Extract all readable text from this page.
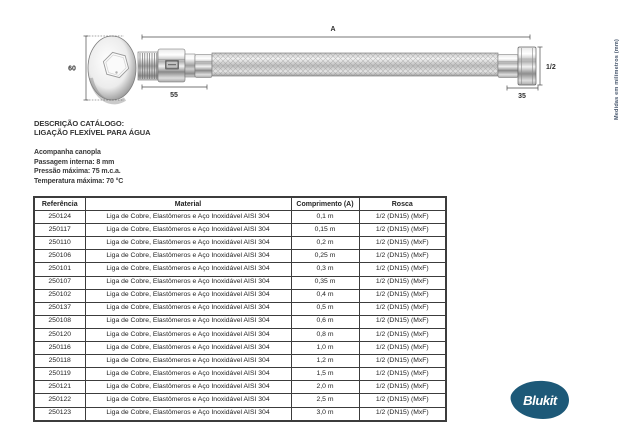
A
60
55	35
1/2	Medidas em milímetros (mm)
DESCRIÇÃO CATÁLOGO:
LIGAÇÃO FLEXÍVEL PARA ÁGUA
Acompanha canopla
Passagem interna: 8 mm
Pressão máxima: 75 m.c.a.
Temperatura máxima: 70 °C
Referência	Material	Comprimento (A)	Rosca
250124	Liga de Cobre, Elastômeros e Aço Inoxidável AISI 304	0,1 m	1/2 (DN15) (MxF)
250117	Liga de Cobre, Elastômeros e Aço Inoxidável AISI 304	0,15 m	1/2 (DN15) (MxF)
250110	Liga de Cobre, Elastômeros e Aço Inoxidável AISI 304	0,2 m	1/2 (DN15) (MxF)
250106	Liga de Cobre, Elastômeros e Aço Inoxidável AISI 304	0,25 m	1/2 (DN15) (MxF)
250101	Liga de Cobre, Elastômeros e Aço Inoxidável AISI 304	0,3 m	1/2 (DN15) (MxF)
250107	Liga de Cobre, Elastômeros e Aço Inoxidável AISI 304	0,35 m	1/2 (DN15) (MxF)
250102	Liga de Cobre, Elastômeros e Aço Inoxidável AISI 304	0,4 m	1/2 (DN15) (MxF)
250137	Liga de Cobre, Elastômeros e Aço Inoxidável AISI 304	0,5 m	1/2 (DN15) (MxF)
250108	Liga de Cobre, Elastômeros e Aço Inoxidável AISI 304	0,6 m	1/2 (DN15) (MxF)
250120	Liga de Cobre, Elastômeros e Aço Inoxidável AISI 304	0,8 m	1/2 (DN15) (MxF)
250116	Liga de Cobre, Elastômeros e Aço Inoxidável AISI 304	1,0 m	1/2 (DN15) (MxF)
250118	Liga de Cobre, Elastômeros e Aço Inoxidável AISI 304	1,2 m	1/2 (DN15) (MxF)
250119	Liga de Cobre, Elastômeros e Aço Inoxidável AISI 304	1,5 m	1/2 (DN15) (MxF)
250121	Liga de Cobre, Elastômeros e Aço Inoxidável AISI 304	2,0 m	1/2 (DN15) (MxF)
250122	Liga de Cobre, Elastômeros e Aço Inoxidável AISI 304	2,5 m	1/2 (DN15) (MxF)
250123	Liga de Cobre, Elastômeros e Aço Inoxidável AISI 304	3,0 m	1/2 (DN15) (MxF)
Blukit
